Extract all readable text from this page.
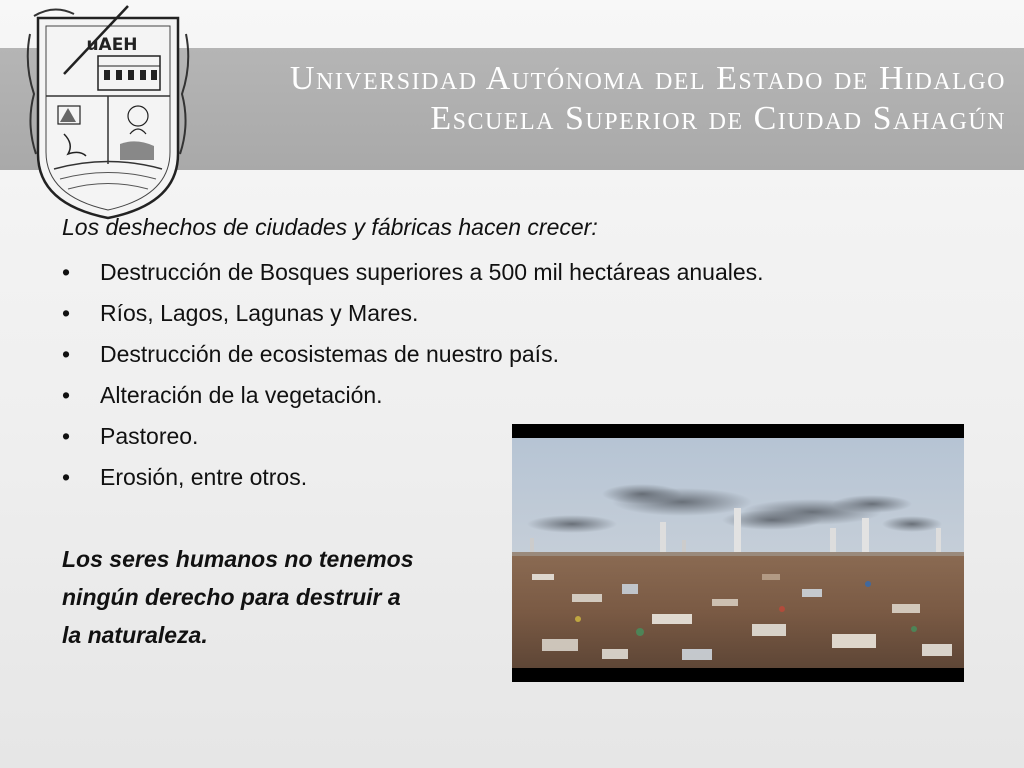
Universidad Autónoma del Estado de Hidalgo
Escuela Superior de Ciudad Sahagún
uAEH

Los deshechos de ciudades y fábricas hacen crecer:

• Destrucción de Bosques superiores a 500 mil hectáreas anuales.
• Ríos, Lagos, Lagunas y Mares.
• Destrucción de ecosistemas de nuestro país.
• Alteración de la vegetación.
• Pastoreo.
• Erosión, entre otros.
Los seres humanos no tenemos
ningún derecho para destruir a
la naturaleza.
